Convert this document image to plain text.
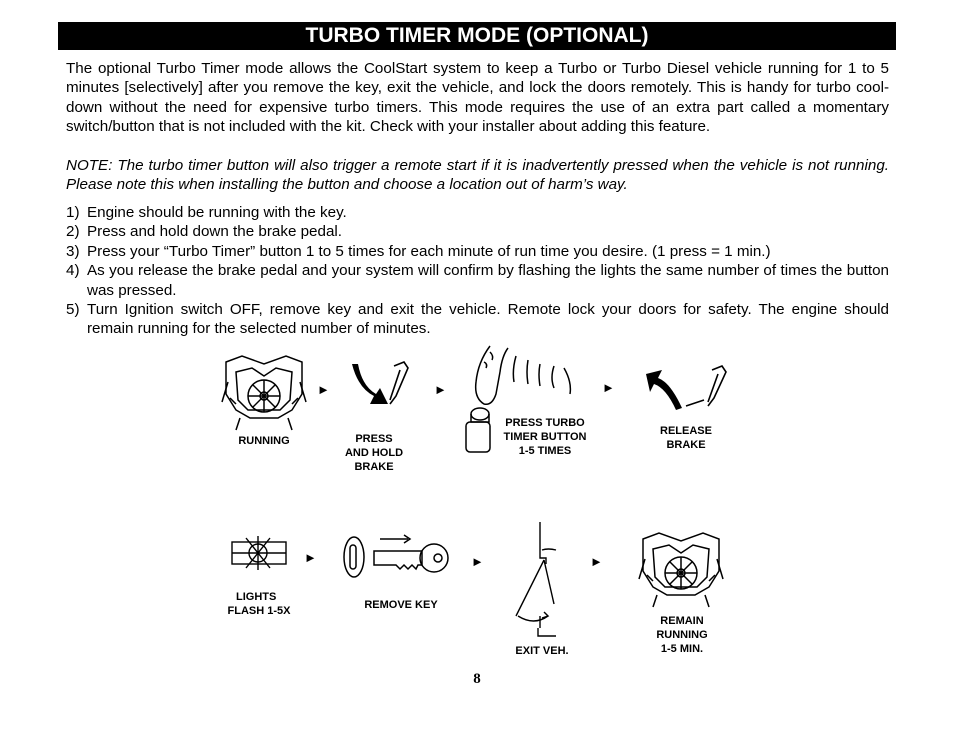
TURBO TIMER MODE (OPTIONAL)
The optional Turbo Timer mode allows the CoolStart system to keep a Turbo or Turbo Diesel vehicle running for 1 to 5 minutes [selectively] after you remove the key, exit the vehicle, and lock the doors remotely. This is handy for turbo cool-down without the need for expensive turbo timers. This mode requires the use of an extra part called a momentary switch/button that is not included with the kit. Check with your installer about adding this feature.
NOTE: The turbo timer button will also trigger a remote start if it is inadvertently pressed when the vehicle is not running. Please note this when installing the button and choose a location out of harm’s way.
1) Engine should be running with the key.
2) Press and hold down the brake pedal.
3) Press your “Turbo Timer” button 1 to 5 times for each minute of run time you desire. (1 press = 1 min.)
4) As you release the brake pedal and your system will confirm by flashing the lights the same number of times the button was pressed.
5) Turn Ignition switch OFF, remove key and exit the vehicle. Remote lock your doors for safety. The engine should remain running for the selected number of minutes.
RUNNING
►
PRESS
AND HOLD
BRAKE
►
PRESS TURBO
TIMER BUTTON
1-5 TIMES
►
RELEASE
BRAKE
LIGHTS
FLASH 1-5X
►
REMOVE KEY
►
EXIT VEH.
►
REMAIN
RUNNING
1-5 MIN.
8
